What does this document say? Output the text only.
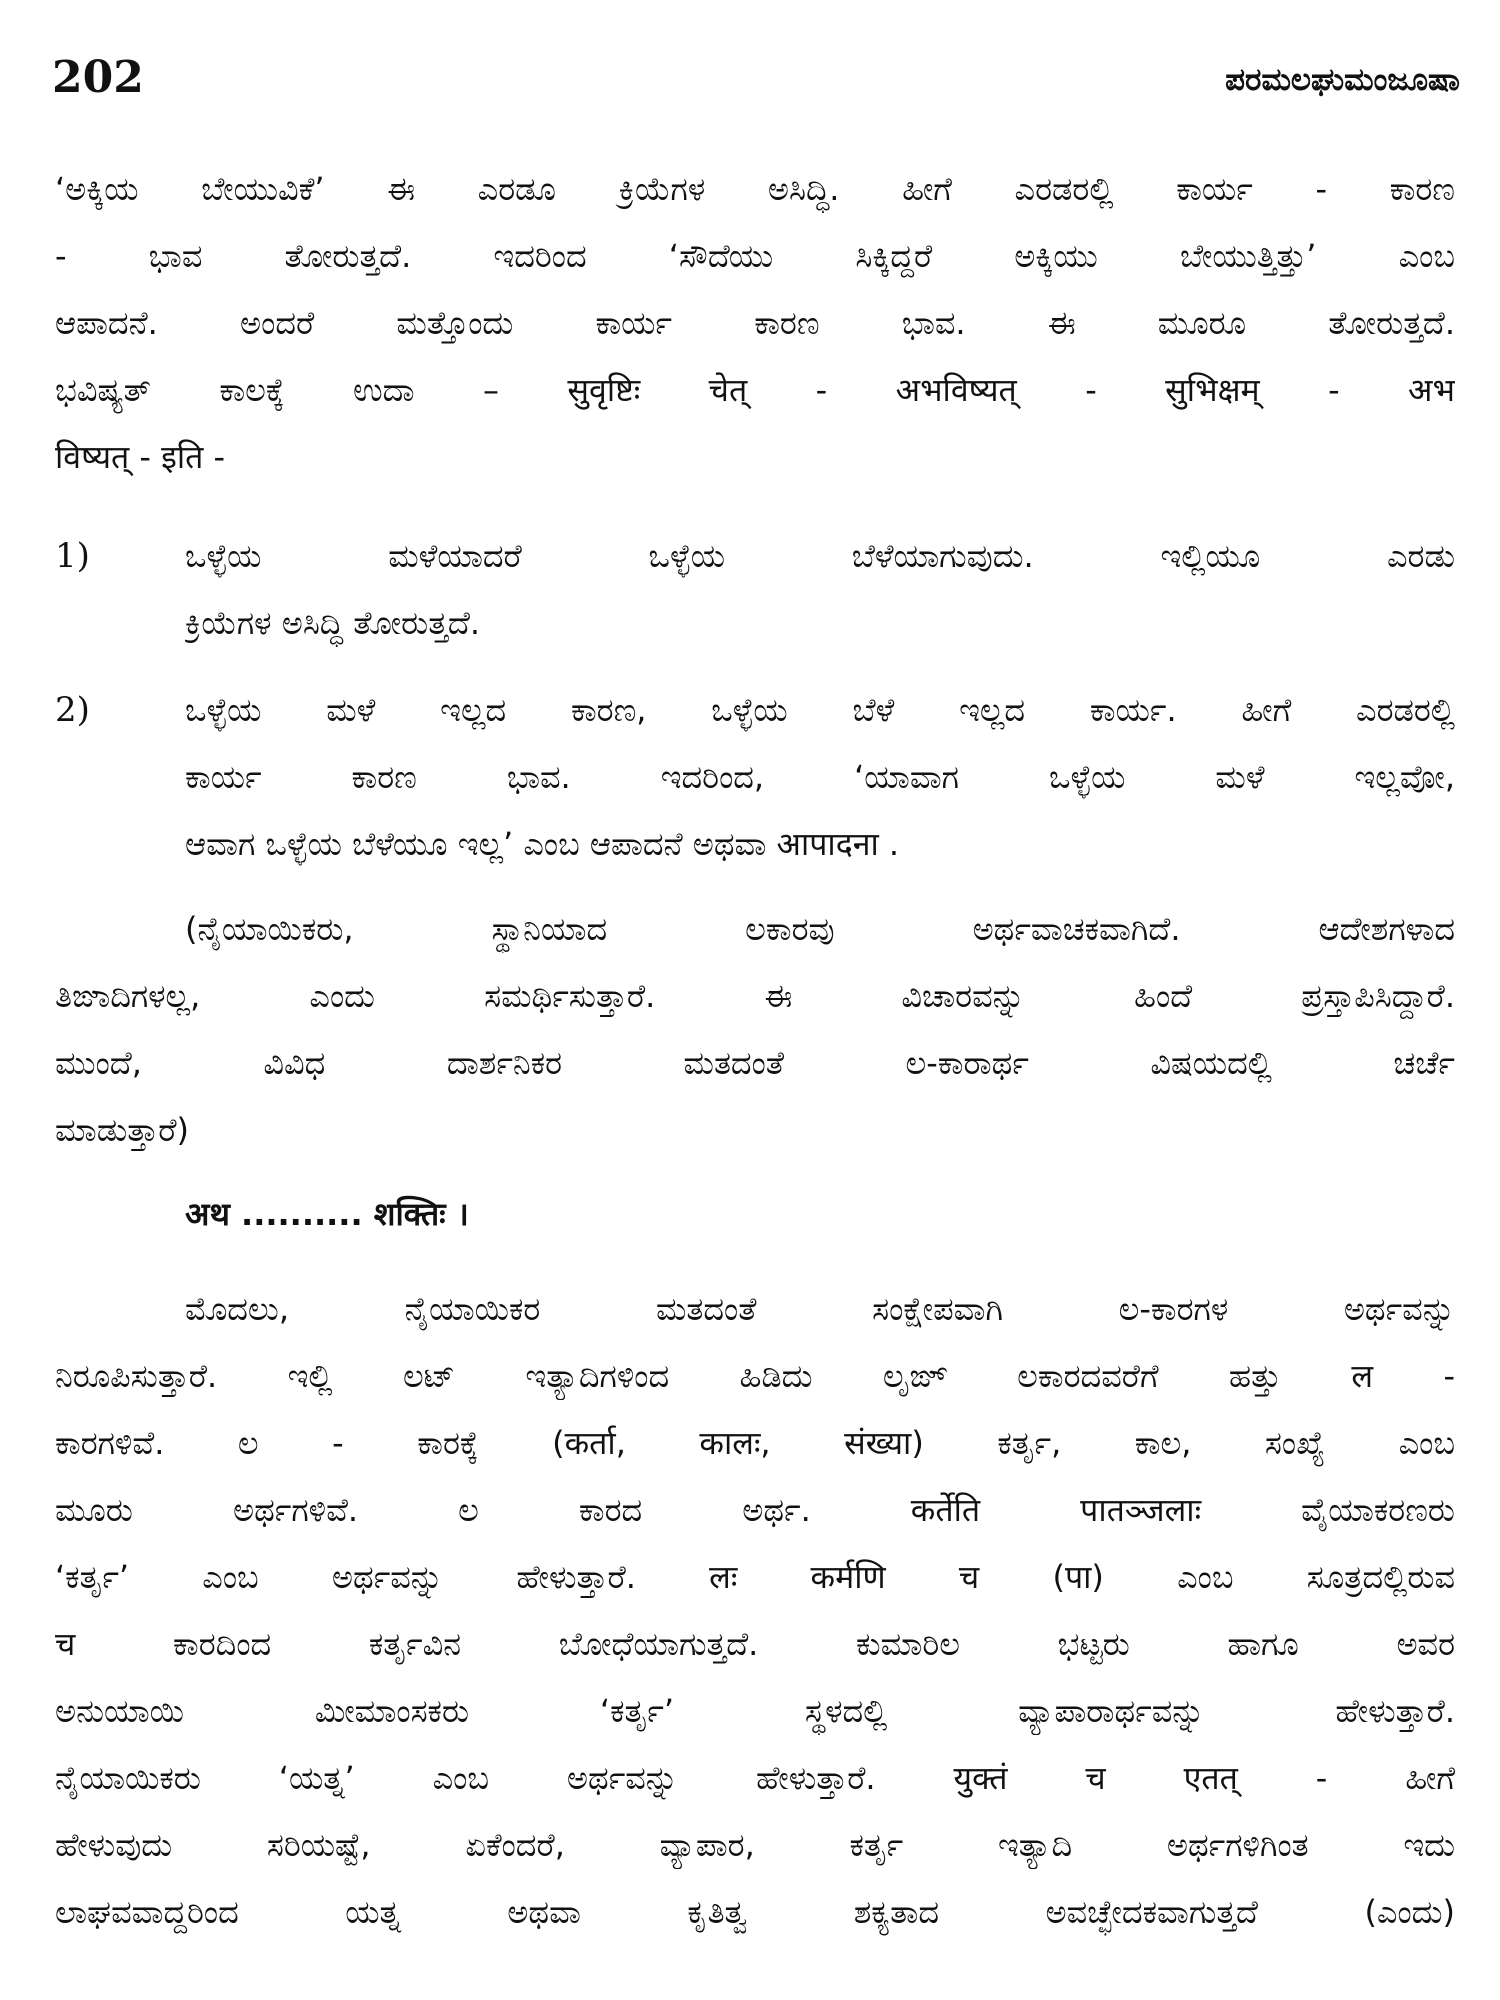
202	ಪರಮಲಘುಮಂಜೂಷಾ
‘ಅಕ್ಕಿಯ ಬೇಯುವಿಕೆ’ ಈ ಎರಡೂ ಕ್ರಿಯೆಗಳ ಅಸಿದ್ಧಿ. ಹೀಗೆ ಎರಡರಲ್ಲಿ ಕಾರ್ಯ - ಕಾರಣ
- ಭಾವ ತೋರುತ್ತದೆ. ಇದರಿಂದ ‘ಸೌದೆಯು ಸಿಕ್ಕಿದ್ದರೆ ಅಕ್ಕಿಯು ಬೇಯುತ್ತಿತ್ತು’ ಎಂಬ
ಆಪಾದನೆ. ಅಂದರೆ ಮತ್ತೊಂದು ಕಾರ್ಯ ಕಾರಣ ಭಾವ. ಈ ಮೂರೂ ತೋರುತ್ತದೆ.
ಭವಿಷ್ಯತ್ ಕಾಲಕ್ಕೆ ಉದಾ – सुवृष्टिः चेत् - अभविष्यत् - सुभिक्षम् - अभ
विष्यत् - इति -
1)	ಒಳ್ಳೆಯ ಮಳೆಯಾದರೆ ಒಳ್ಳೆಯ ಬೆಳೆಯಾಗುವುದು. ಇಲ್ಲಿಯೂ ಎರಡು
ಕ್ರಿಯೆಗಳ ಅಸಿದ್ಧಿ ತೋರುತ್ತದೆ.
2)	ಒಳ್ಳೆಯ ಮಳೆ ಇಲ್ಲದ ಕಾರಣ, ಒಳ್ಳೆಯ ಬೆಳೆ ಇಲ್ಲದ ಕಾರ್ಯ. ಹೀಗೆ ಎರಡರಲ್ಲಿ
ಕಾರ್ಯ ಕಾರಣ ಭಾವ. ಇದರಿಂದ, ‘ಯಾವಾಗ ಒಳ್ಳೆಯ ಮಳೆ ಇಲ್ಲವೋ,
ಆವಾಗ ಒಳ್ಳೆಯ ಬೆಳೆಯೂ ಇಲ್ಲ’ ಎಂಬ ಆಪಾದನೆ ಅಥವಾ आपादना .
(ನೈಯಾಯಿಕರು, ಸ್ಥಾನಿಯಾದ ಲಕಾರವು ಅರ್ಥವಾಚಕವಾಗಿದೆ. ಆದೇಶಗಳಾದ
ತಿಙಾದಿಗಳಲ್ಲ, ಎಂದು ಸಮರ್ಥಿಸುತ್ತಾರೆ. ಈ ವಿಚಾರವನ್ನು ಹಿಂದೆ ಪ್ರಸ್ತಾಪಿಸಿದ್ದಾರೆ.
ಮುಂದೆ, ವಿವಿಧ ದಾರ್ಶನಿಕರ ಮತದಂತೆ ಲ-ಕಾರಾರ್ಥ ವಿಷಯದಲ್ಲಿ ಚರ್ಚೆ
ಮಾಡುತ್ತಾರೆ)
अथ .......... शक्तिः ।
ಮೊದಲು, ನೈಯಾಯಿಕರ ಮತದಂತೆ ಸಂಕ್ಷೇಪವಾಗಿ ಲ-ಕಾರಗಳ ಅರ್ಥವನ್ನು
ನಿರೂಪಿಸುತ್ತಾರೆ. ಇಲ್ಲಿ ಲಟ್ ಇತ್ಯಾದಿಗಳಿಂದ ಹಿಡಿದು ಲೃಙ್ ಲಕಾರದವರೆಗೆ ಹತ್ತು ल -
ಕಾರಗಳಿವೆ. ಲ - ಕಾರಕ್ಕೆ (कर्ता, कालः, संख्या) ಕರ್ತೃ, ಕಾಲ, ಸಂಖ್ಯೆ ಎಂಬ
ಮೂರು ಅರ್ಥಗಳಿವೆ. ಲ ಕಾರದ ಅರ್ಥ. कर्तेति पातञ्जलाः ವೈಯಾಕರಣರು
‘ಕರ್ತೃ’ ಎಂಬ ಅರ್ಥವನ್ನು ಹೇಳುತ್ತಾರೆ. लः कर्मणि च (पा) ಎಂಬ ಸೂತ್ರದಲ್ಲಿರುವ
च ಕಾರದಿಂದ ಕರ್ತೃವಿನ ಬೋಧೆಯಾಗುತ್ತದೆ. ಕುಮಾರಿಲ ಭಟ್ಟರು ಹಾಗೂ ಅವರ
ಅನುಯಾಯಿ ಮೀಮಾಂಸಕರು ‘ಕರ್ತೃ’ ಸ್ಥಳದಲ್ಲಿ ವ್ಯಾಪಾರಾರ್ಥವನ್ನು ಹೇಳುತ್ತಾರೆ.
ನೈಯಾಯಿಕರು ‘ಯತ್ನ’ ಎಂಬ ಅರ್ಥವನ್ನು ಹೇಳುತ್ತಾರೆ. युक्तं च एतत् - ಹೀಗೆ
ಹೇಳುವುದು ಸರಿಯಷ್ಟೆ, ಏಕೆಂದರೆ, ವ್ಯಾಪಾರ, ಕರ್ತೃ ಇತ್ಯಾದಿ ಅರ್ಥಗಳಿಗಿಂತ ಇದು
ಲಾಘವವಾದ್ದರಿಂದ ಯತ್ನ ಅಥವಾ ಕೃತಿತ್ವ ಶಕ್ಯತಾದ ಅವಚ್ಛೇದಕವಾಗುತ್ತದೆ (ಎಂದು)
